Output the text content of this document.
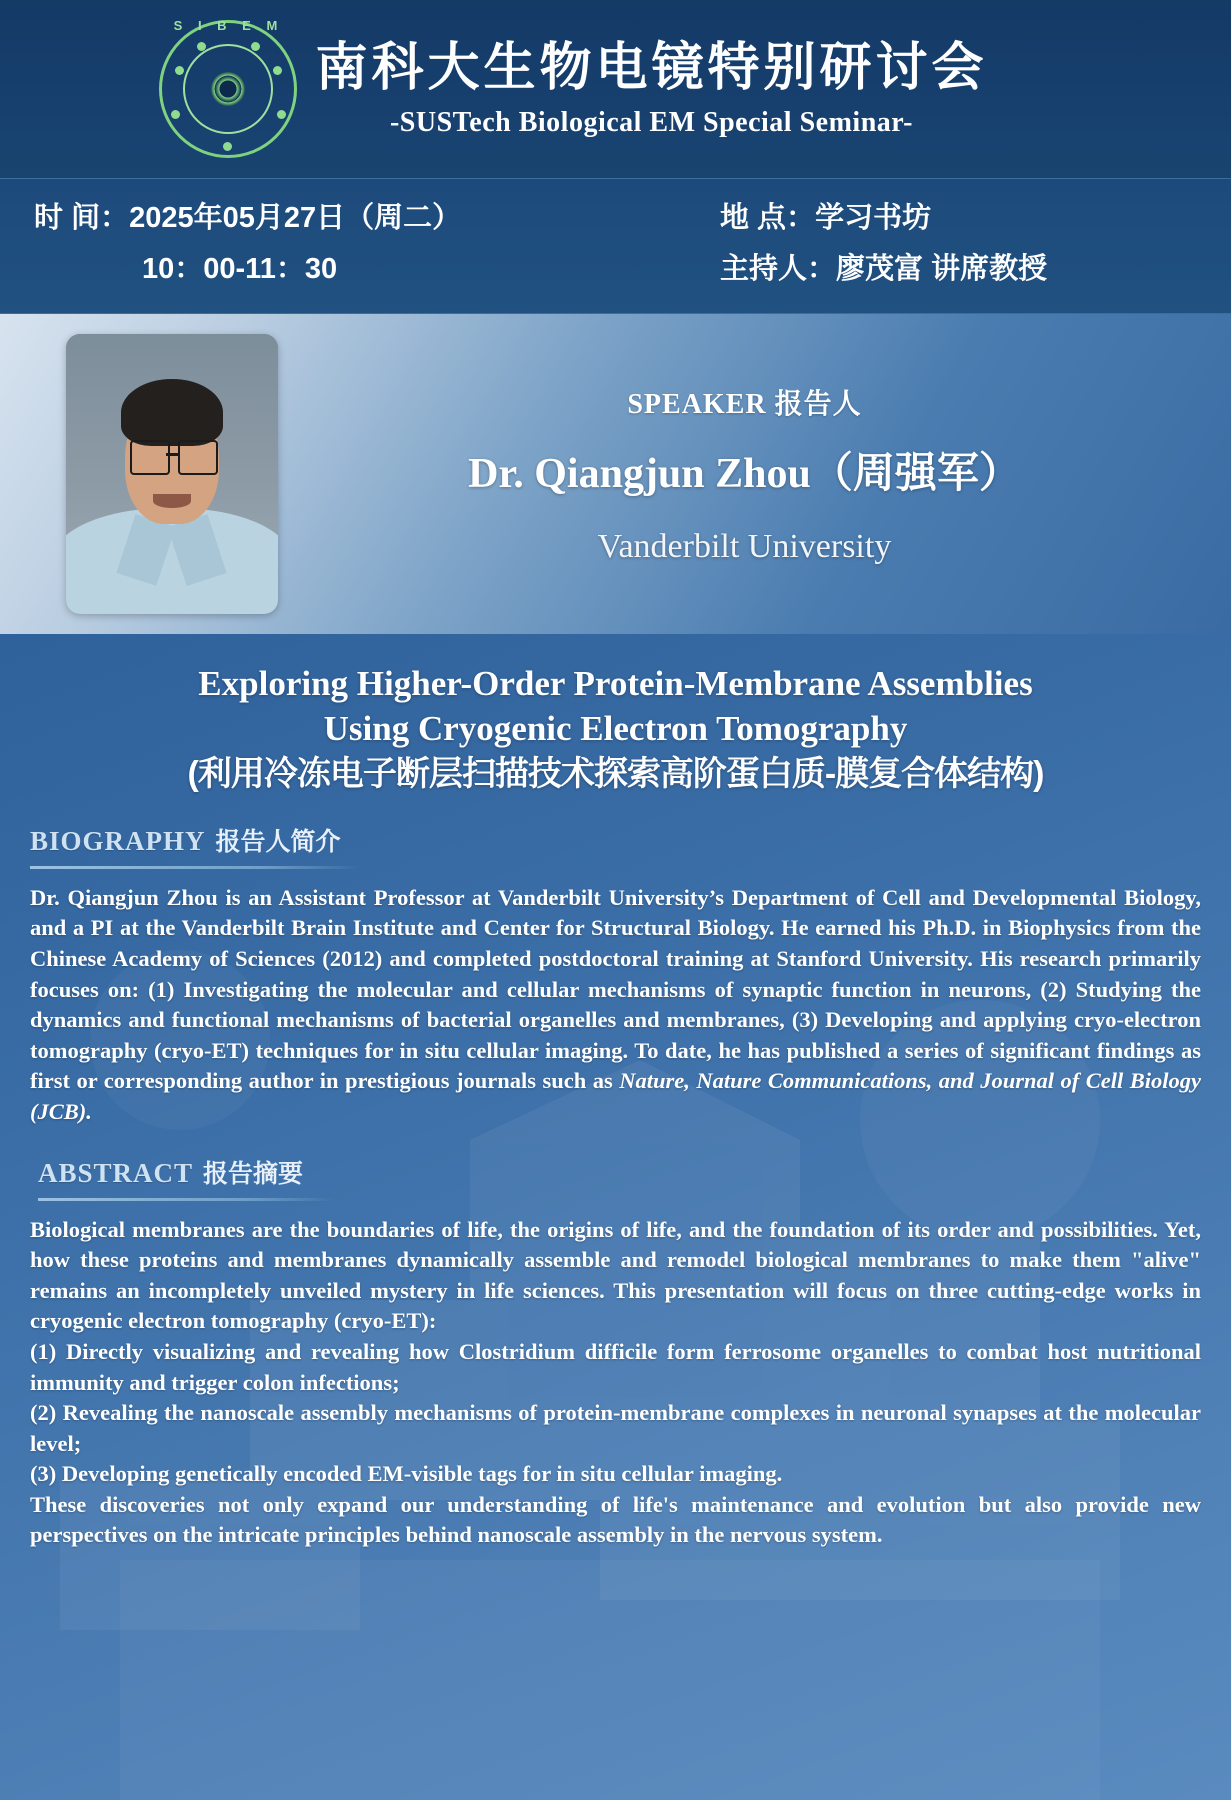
S I B E M
南科大生物电镜特别研讨会
-SUSTech Biological EM Special Seminar-
时 间：2025年05月27日（周二）	地 点：学习书坊
10：00-11：30	主持人：廖茂富 讲席教授
SPEAKER 报告人
Dr. Qiangjun Zhou（周强军）
Vanderbilt University
Exploring Higher-Order Protein-Membrane Assemblies
Using Cryogenic Electron Tomography
(利用冷冻电子断层扫描技术探索高阶蛋白质-膜复合体结构)
BIOGRAPHY 报告人简介

Dr. Qiangjun Zhou is an Assistant Professor at Vanderbilt University’s Department of Cell and Developmental Biology, and a PI at the Vanderbilt Brain Institute and Center for Structural Biology. He earned his Ph.D. in Biophysics from the Chinese Academy of Sciences (2012) and completed postdoctoral training at Stanford University. His research primarily focuses on: (1) Investigating the molecular and cellular mechanisms of synaptic function in neurons, (2) Studying the dynamics and functional mechanisms of bacterial organelles and membranes, (3) Developing and applying cryo-electron tomography (cryo-ET) techniques for in situ cellular imaging. To date, he has published a series of significant findings as first or corresponding author in prestigious journals such as Nature, Nature Communications, and Journal of Cell Biology (JCB).

ABSTRACT 报告摘要

Biological membranes are the boundaries of life, the origins of life, and the foundation of its order and possibilities. Yet, how these proteins and membranes dynamically assemble and remodel biological membranes to make them "alive" remains an incompletely unveiled mystery in life sciences. This presentation will focus on three cutting-edge works in cryogenic electron tomography (cryo-ET):

(1) Directly visualizing and revealing how Clostridium difficile form ferrosome organelles to combat host nutritional immunity and trigger colon infections;

(2) Revealing the nanoscale assembly mechanisms of protein-membrane complexes in neuronal synapses at the molecular level;

(3) Developing genetically encoded EM-visible tags for in situ cellular imaging.

These discoveries not only expand our understanding of life's maintenance and evolution but also provide new perspectives on the intricate principles behind nanoscale assembly in the nervous system.
